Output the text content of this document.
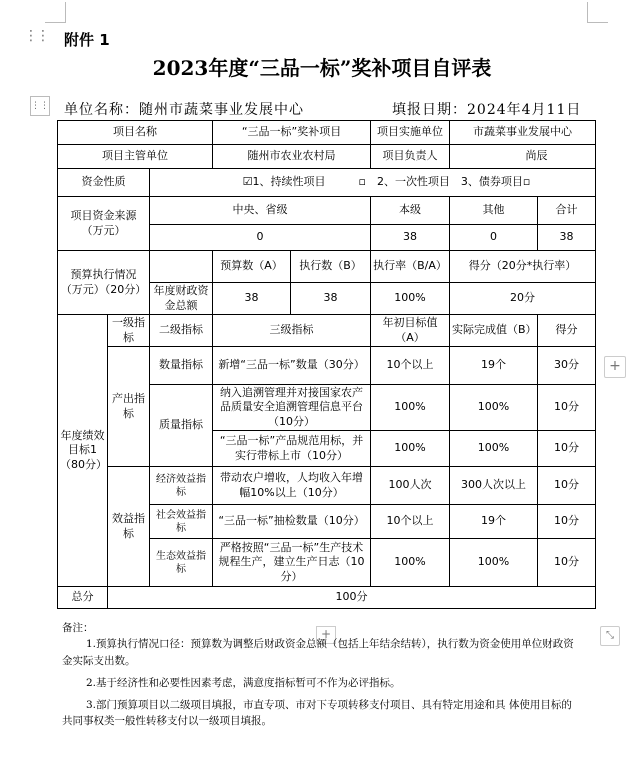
⋮⋮ 附件 1
2023年度“三品一标”奖补项目自评表
⋮⋮ 单位名称：随州市蔬菜事业发展中心	填报日期：2024年4月11日
项目名称			“三品一标”奖补项目		项目实施单位	市蔬菜事业发展中心	
项目主管单位			随州市农业农村局		项目负责人	尚辰	
资金性质		☑1、持续性项目　　　▫　2、一次性项目　3、债券项目▫					
项目资金来源（万元）		中央、省级			本级	其他	合计
		0			38	0	38
预算执行情况（万元）（20分）			预算数（A）	执行数（B）	执行率（B/A）	得分（20分*执行率）	
		年度财政资金总额	38	38	100%	20分	
年度绩效目标1（80分）	一级指标	二级指标	三级指标		年初目标值（A）	实际完成值（B）	得分
	产出指标	数量指标	新增“三品一标”数量（30分）		10个以上	19个	30分
		质量指标	纳入追溯管理并对接国家农产品质量安全追溯管理信息平台（10分）		100%	100%	10分
			“三品一标”产品规范用标，并实行带标上市（10分）		100%	100%	10分
	效益指标	经济效益指标	带动农户增收，人均收入年增幅10%以上（10分）		100人次	300人次以上	10分
		社会效益指标	“三品一标”抽检数量（10分）		10个以上	19个	10分
		生态效益指标	严格按照“三品一标”生产技术规程生产，建立生产日志（10分）		100%	100%	10分
总分	100分						
+
+	⤡

备注：

1.预算执行情况口径：预算数为调整后财政资金总额（包括上年结余结转），执行数为资金使用单位财政资金实际支出数。

2.基于经济性和必要性因素考虑，满意度指标暂可不作为必评指标。

3.部门预算项目以二级项目填报，市直专项、市对下专项转移支付项目、具有特定用途和具 体使用目标的共同事权类一般性转移支付以一级项目填报。
